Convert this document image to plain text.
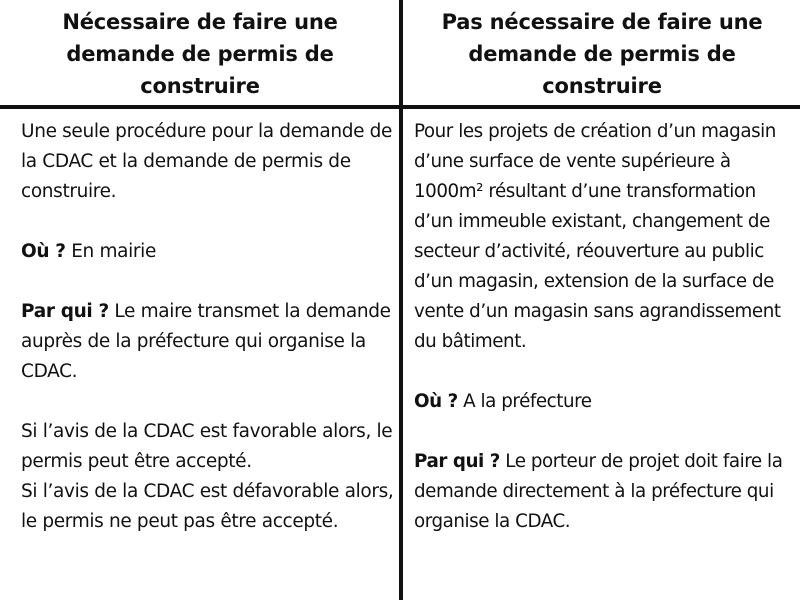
Nécessaire de faire une demande de permis de construire
Pas nécessaire de faire une demande de permis de construire

Une seule procédure pour la demande de la CDAC et la demande de permis de construire.

Où ? En mairie

Par qui ? Le maire transmet la demande auprès de la préfecture qui organise la CDAC.

Si l’avis de la CDAC est favorable alors, le permis peut être accepté.

Si l’avis de la CDAC est défavorable alors, le permis ne peut pas être accepté.

Pour les projets de création d’un magasin d’une surface de vente supérieure à 1000m² résultant d’une transformation d’un immeuble existant, changement de secteur d’activité, réouverture au public d’un magasin, extension de la surface de vente d’un magasin sans agrandissement du bâtiment.

Où ? A la préfecture

Par qui ? Le porteur de projet doit faire la demande directement à la préfecture qui organise la CDAC.
